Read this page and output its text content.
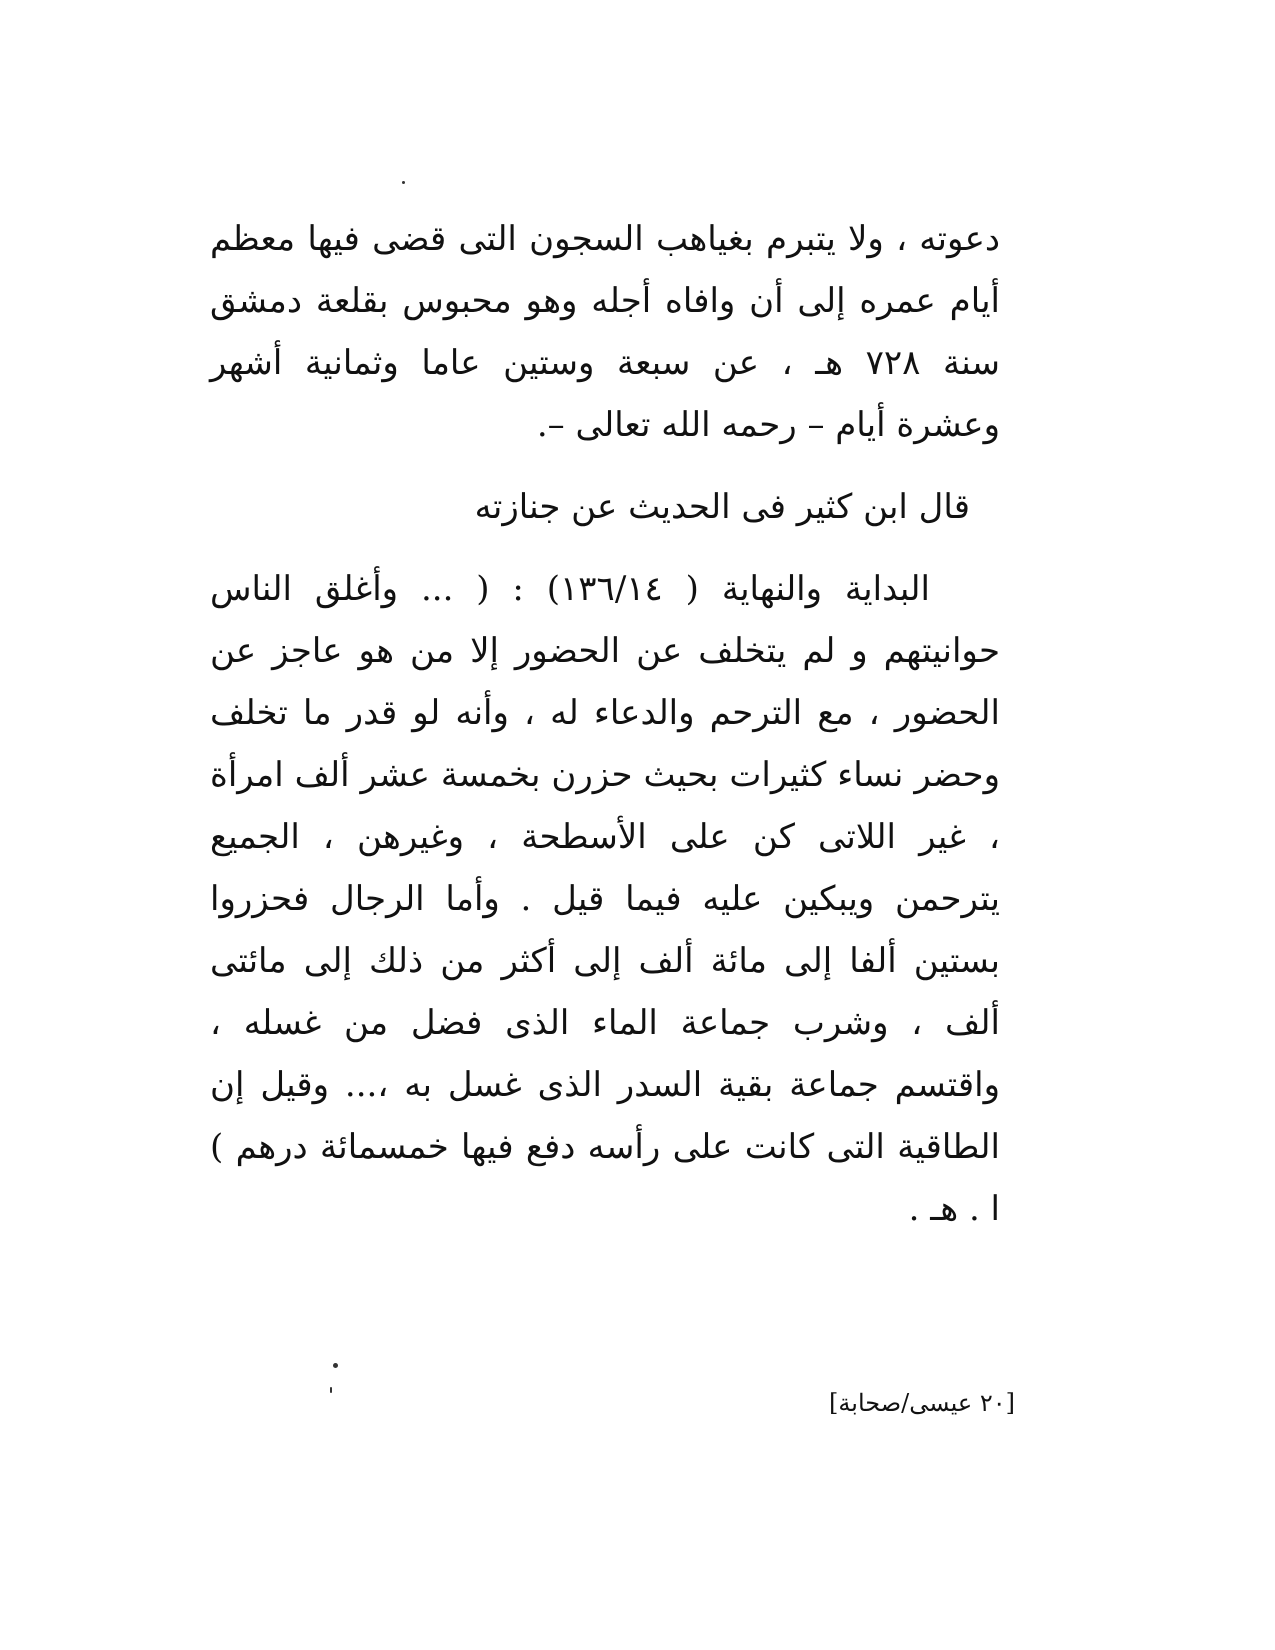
دعوته ، ولا يتبرم بغياهب السجون التى قضى فيها معظم أيام عمره إلى أن وافاه أجله وهو محبوس بقلعة دمشق سنة ٧٢٨ هـ ، عن سبعة وستين عاما وثمانية أشهر وعشرة أيام – رحمه الله تعالى –.
قال ابن كثير فى الحديث عن جنازته
البداية والنهاية ( ١٣٦/١٤) : ( ... وأغلق الناس حوانيتهم و لم يتخلف عن الحضور إلا من هو عاجز عن الحضور ، مع الترحم والدعاء له ، وأنه لو قدر ما تخلف وحضر نساء كثيرات بحيث حزرن بخمسة عشر ألف امرأة ، غير اللاتى كن على الأسطحة ، وغيرهن ، الجميع يترحمن ويبكين عليه فيما قيل . وأما الرجال فحزروا بستين ألفا إلى مائة ألف إلى أكثر من ذلك إلى مائتى ألف ، وشرب جماعة الماء الذى فضل من غسله ، واقتسم جماعة بقية السدر الذى غسل به ،... وقيل إن الطاقية التى كانت على رأسه دفع فيها خمسمائة درهم ) ا . هـ .
[٢٠ عيسى/صحابة]
